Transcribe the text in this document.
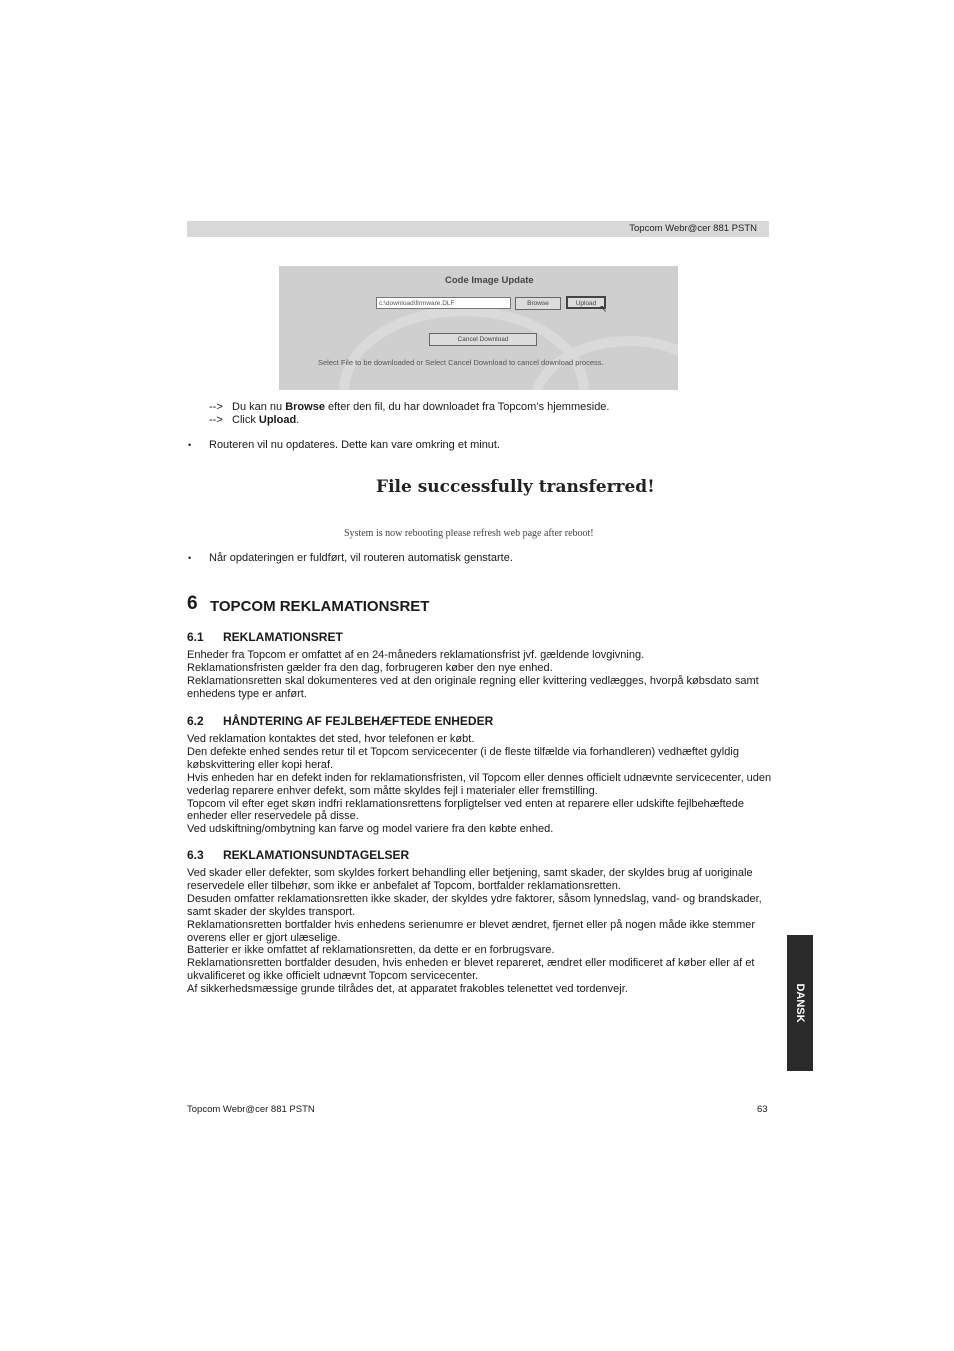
Topcom Webr@cer 881 PSTN
Code Image Update
c:\download\firmware.DLF	Browse	Upload
↖
Cancel Download
Select File to be downloaded or Select Cancel Download to cancel download process.
--> Du kan nu Browse efter den fil, du har downloadet fra Topcom’s hjemmeside.
--> Click Upload.
• Routeren vil nu opdateres. Dette kan vare omkring et minut.
File successfully transferred!
System is now rebooting please refresh web page after reboot!
• Når opdateringen er fuldført, vil routeren automatisk genstarte.
6 TOPCOM REKLAMATIONSRET
6.1 REKLAMATIONSRET

Enheder fra Topcom er omfattet af en 24-måneders reklamationsfrist jvf. gældende lovgivning.

Reklamationsfristen gælder fra den dag, forbrugeren køber den nye enhed.

Reklamationsretten skal dokumenteres ved at den originale regning eller kvittering vedlægges, hvorpå købsdato samt enhedens type er anført.

6.2 HÅNDTERING AF FEJLBEHÆFTEDE ENHEDER

Ved reklamation kontaktes det sted, hvor telefonen er købt.

Den defekte enhed sendes retur til et Topcom servicecenter (i de fleste tilfælde via forhandleren) vedhæftet gyldig købskvittering eller kopi heraf.

Hvis enheden har en defekt inden for reklamationsfristen, vil Topcom eller dennes officielt udnævnte servicecenter, uden vederlag reparere enhver defekt, som måtte skyldes fejl i materialer eller fremstilling.

Topcom vil efter eget skøn indfri reklamationsrettens forpligtelser ved enten at reparere eller udskifte fejlbehæftede enheder eller reservedele på disse.

Ved udskiftning/ombytning kan farve og model variere fra den købte enhed.

6.3 REKLAMATIONSUNDTAGELSER

Ved skader eller defekter, som skyldes forkert behandling eller betjening, samt skader, der skyldes brug af uoriginale reservedele eller tilbehør, som ikke er anbefalet af Topcom, bortfalder reklamationsretten.

Desuden omfatter reklamationsretten ikke skader, der skyldes ydre faktorer, såsom lynnedslag, vand- og brandskader, samt skader der skyldes transport.

Reklamationsretten bortfalder hvis enhedens serienumre er blevet ændret, fjernet eller på nogen måde ikke stemmer overens eller er gjort ulæselige.

Batterier er ikke omfattet af reklamationsretten, da dette er en forbrugsvare.

Reklamationsretten bortfalder desuden, hvis enheden er blevet repareret, ændret eller modificeret af køber eller af et ukvalificeret og ikke officielt udnævnt Topcom servicecenter.

Af sikkerhedsmæssige grunde tilrådes det, at apparatet frakobles telenettet ved tordenvejr.	DANSK
Topcom Webr@cer 881 PSTN	63
